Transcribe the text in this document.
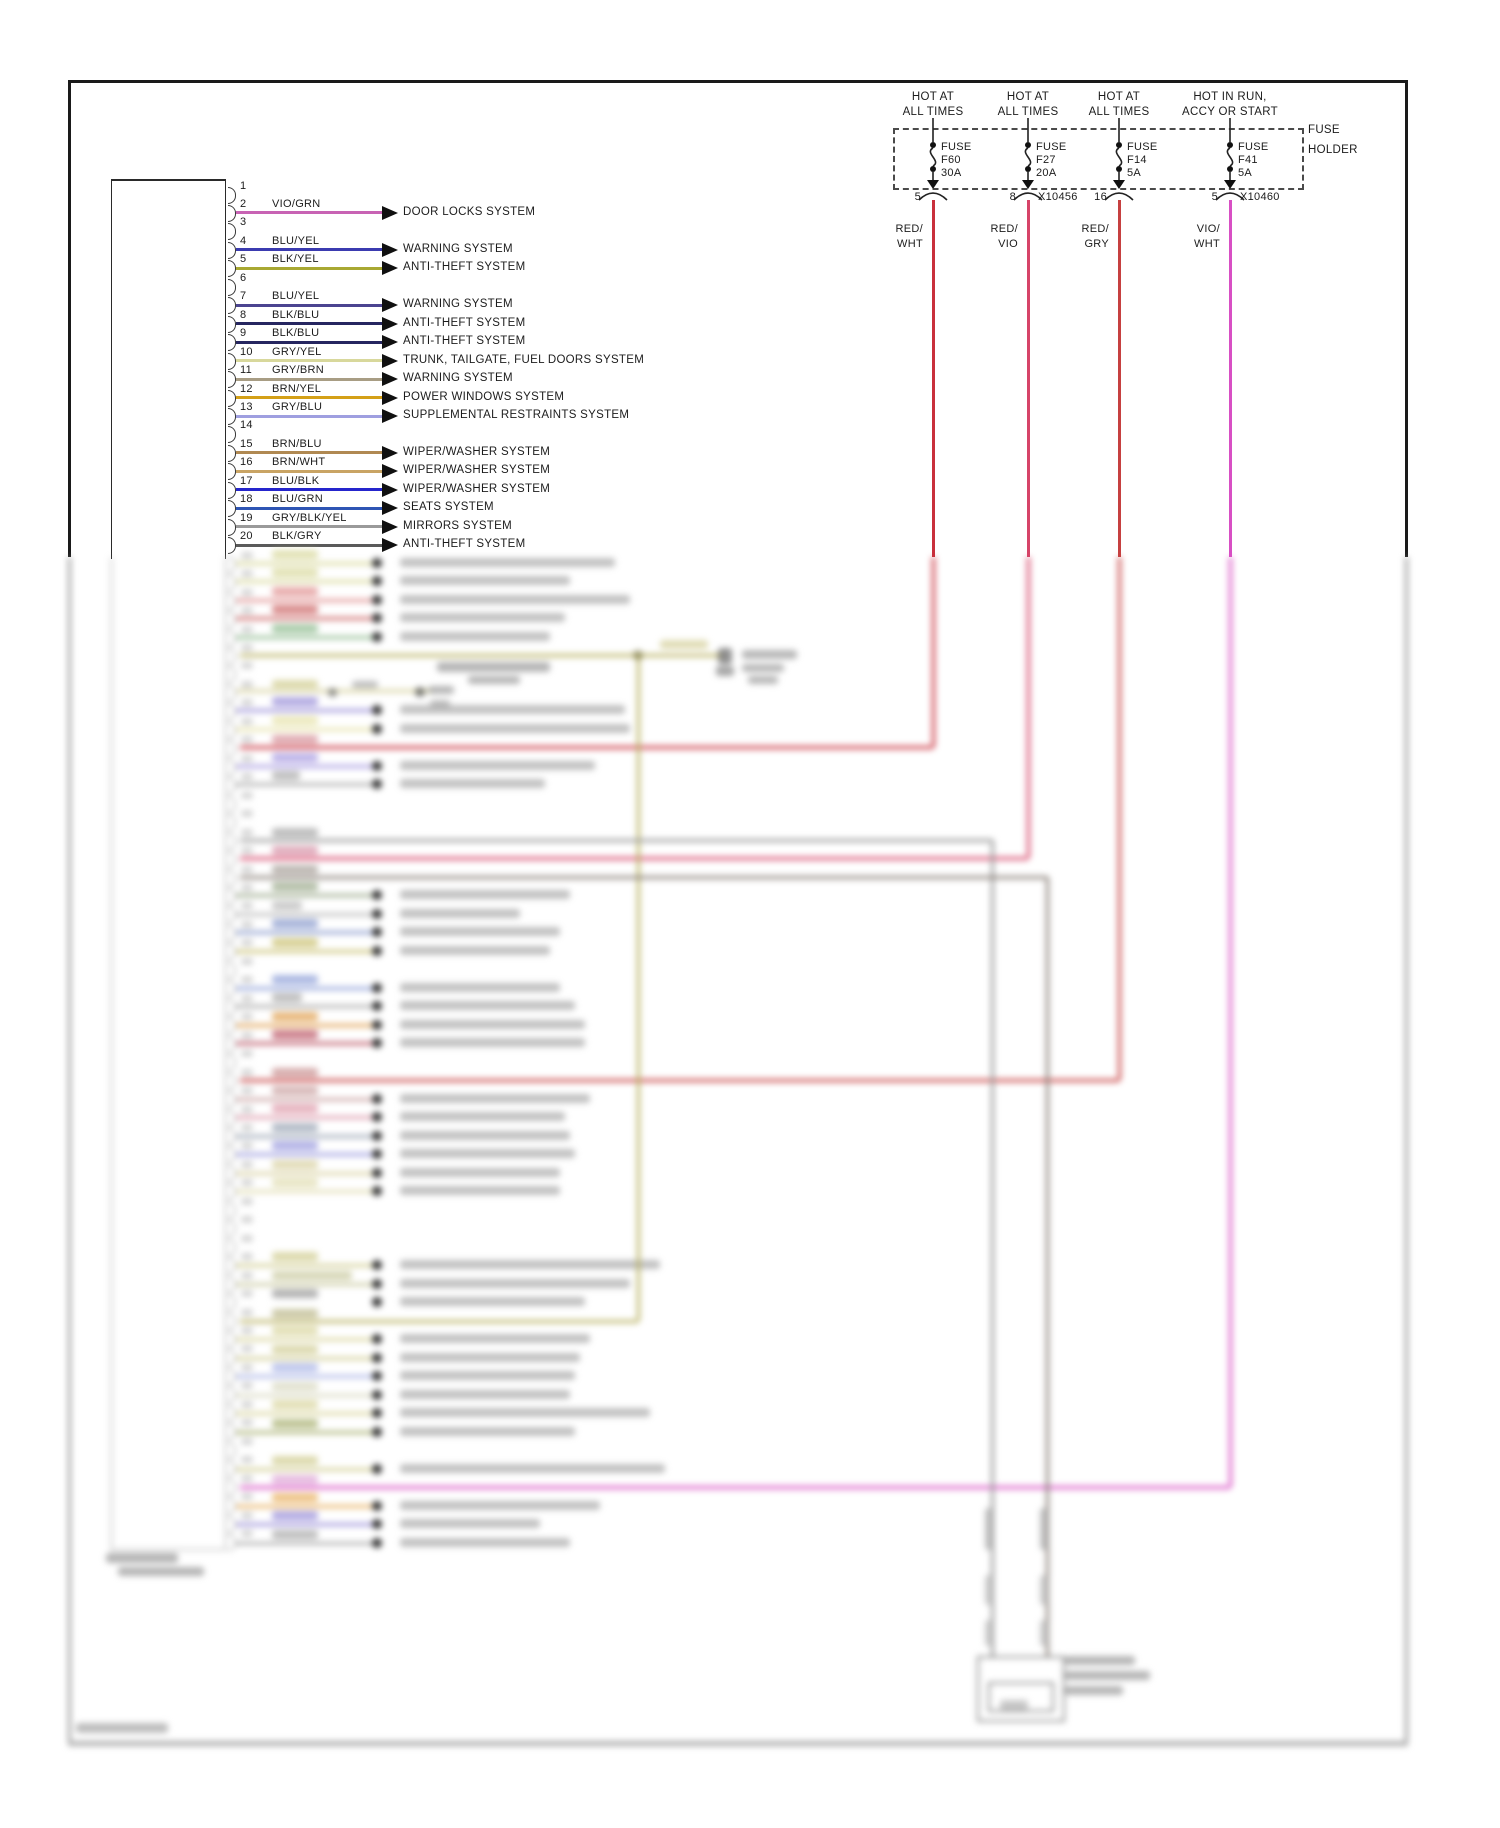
FUSE
HOLDER
HOT AT
ALL TIMES
FUSE
F60
30A
5
RED/
WHT
HOT AT
ALL TIMES
FUSE
F27
20A
8 X10456
RED/
VIO
HOT AT
ALL TIMES
FUSE
F14
5A
16
RED/
GRY
HOT IN RUN,
ACCY OR START
FUSE
F41
5A
5 X10460
VIO/
WHT
1
2 VIO/GRN
DOOR LOCKS SYSTEM
3
4 BLU/YEL
WARNING SYSTEM
5 BLK/YEL
ANTI-THEFT SYSTEM
6
7 BLU/YEL
WARNING SYSTEM
8 BLK/BLU
ANTI-THEFT SYSTEM
9 BLK/BLU
ANTI-THEFT SYSTEM
10 GRY/YEL
TRUNK, TAILGATE, FUEL DOORS SYSTEM
11 GRY/BRN
WARNING SYSTEM
12 BRN/YEL
POWER WINDOWS SYSTEM
13 GRY/BLU
SUPPLEMENTAL RESTRAINTS SYSTEM
14
15 BRN/BLU
WIPER/WASHER SYSTEM
16 BRN/WHT
WIPER/WASHER SYSTEM
17 BLU/BLK
WIPER/WASHER SYSTEM
18 BLU/GRN
SEATS SYSTEM
19 GRY/BLK/YEL
MIRRORS SYSTEM
20 BLK/GRY
ANTI-THEFT SYSTEM
